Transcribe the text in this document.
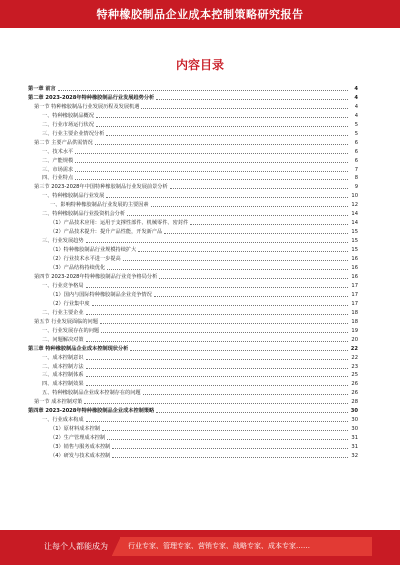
特种橡胶制品企业成本控制策略研究报告
内容目录
第一章 前言	4
第二章 2023-2028年特种橡胶制品行业发展趋势分析	4
第一节 特种橡胶制品行业发展历程及发展机遇	4
一、特种橡胶制品概况	4
二、行业市场运行状况	5
三、行业主要企业情况分析	5
第二节 主要产品供需情况	6
一、技术水平	6
二、产能规模	6
三、市场需求	7
四、行业特点	8
第三节 2023-2028年中国特种橡胶制品行业发展前景分析	9
一、特种橡胶制品行业发展	10
一、影响特种橡胶制品行业发展的主要因素	12
二、特种橡胶制品行业投资机会分析	14
（1）产品技术应用：运用于支撑性部件、机械零件、密封件	14
（2）产品技术提升：提升产品性能，开发新产品	15
三、行业发展趋势	15
（1）特种橡胶制品行业规模持续扩大	15
（2）行业技术水平进一步提高	16
（3）产品结构持续优化	16
第四节 2023-2028年特种橡胶制品行业竞争格局分析	16
一、行业竞争格局	17
（1）国内与国际特种橡胶制品企业竞争情况	17
（2）行业集中度	17
二、行业主要企业	18
第五节 行业发展面临的问题	18
一、行业发展存在的问题	19
二、问题解决对策	20
第三章 特种橡胶制品企业成本控制现状分析	22
一、成本控制意识	22
二、成本控制方法	23
三、成本控制体系	25
四、成本控制效果	26
五、特种橡胶制品企业成本控制存在的问题	26
第一节 成本控制对策	28
第四章 2023-2028年特种橡胶制品企业成本控制策略	30
一、行业成本构成	30
（1）原材料成本控制	30
（2）生产管理成本控制	31
（3）销售与服务成本控制	31
（4）研发与技术成本控制	32
让每个人都能成为	行业专家、管理专家、营销专家、战略专家、成本专家……
